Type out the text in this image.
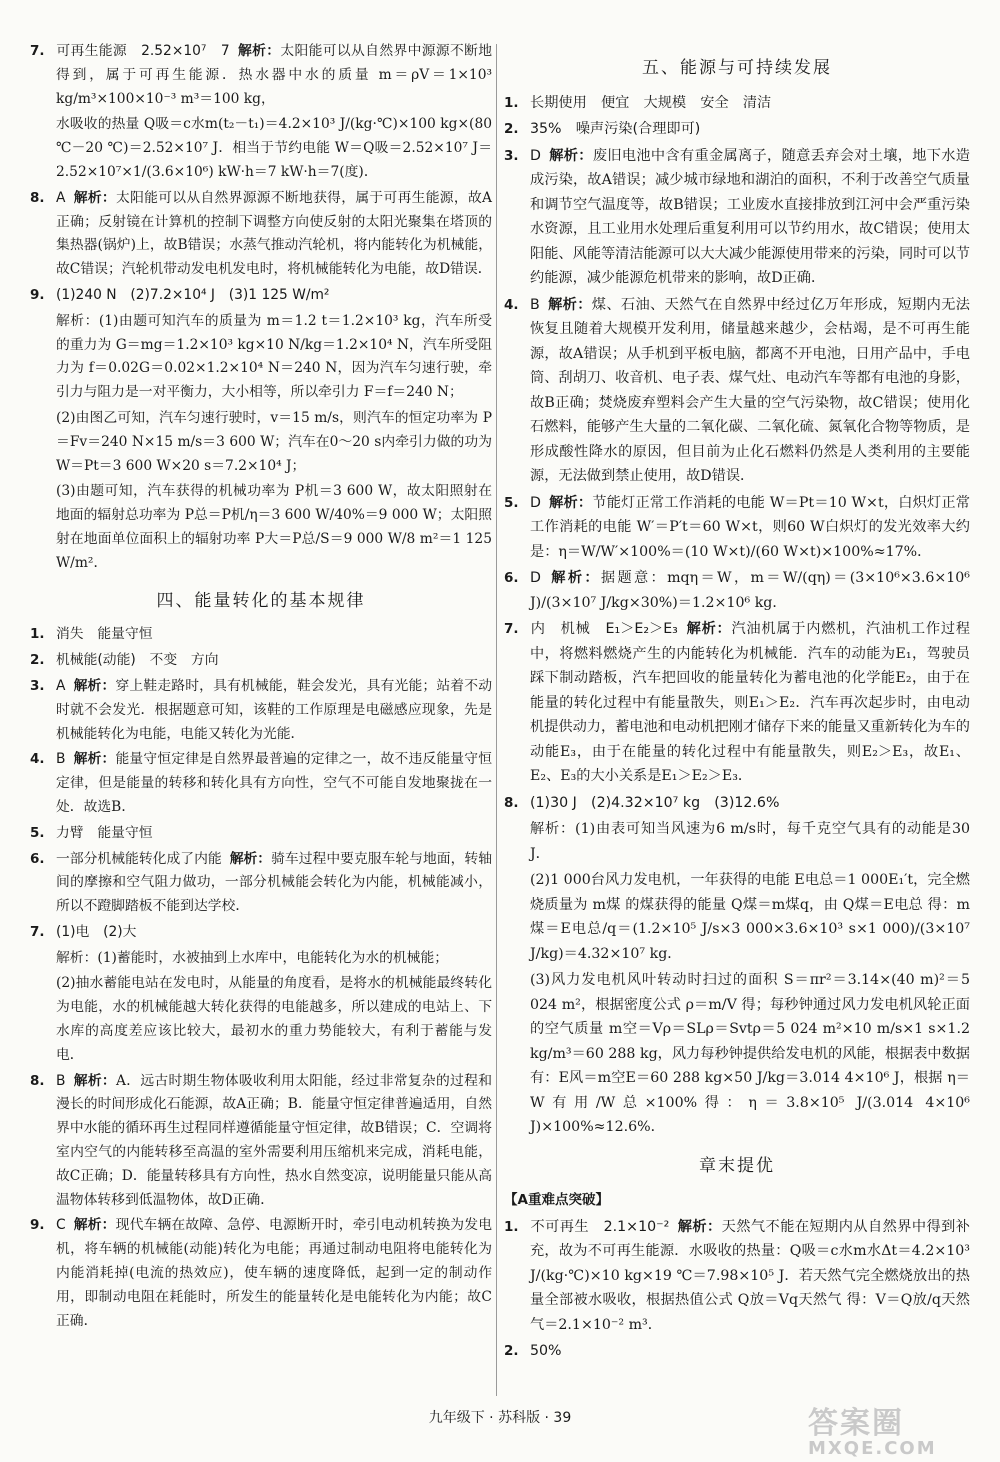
7. 可再生能源　2.52×10⁷　7 解析：太阳能可以从自然界中源源不断地得到，属于可再生能源．热水器中水的质量 m＝ρV＝1×10³ kg/m³×100×10⁻³ m³＝100 kg，
水吸收的热量 Q吸＝c水m(t₂－t₁)＝4.2×10³ J/(kg·℃)×100 kg×(80 ℃－20 ℃)＝2.52×10⁷ J．相当于节约电能 W＝Q吸＝2.52×10⁷ J＝2.52×10⁷×1/(3.6×10⁶) kW·h＝7 kW·h＝7(度)．
8. A 解析：太阳能可以从自然界源源不断地获得，属于可再生能源，故A正确；反射镜在计算机的控制下调整方向使反射的太阳光聚集在塔顶的集热器(锅炉)上，故B错误；水蒸气推动汽轮机，将内能转化为机械能，故C错误；汽轮机带动发电机发电时，将机械能转化为电能，故D错误．
9. (1)240 N　(2)7.2×10⁴ J　(3)1 125 W/m²
解析：(1)由题可知汽车的质量为 m＝1.2 t＝1.2×10³ kg，汽车所受的重力为 G＝mg＝1.2×10³ kg×10 N/kg＝1.2×10⁴ N，汽车所受阻力为 f＝0.02G＝0.02×1.2×10⁴ N＝240 N，因为汽车匀速行驶，牵引力与阻力是一对平衡力，大小相等，所以牵引力 F＝f＝240 N；
(2)由图乙可知，汽车匀速行驶时，v＝15 m/s，则汽车的恒定功率为 P＝Fv＝240 N×15 m/s＝3 600 W；汽车在0～20 s内牵引力做的功为 W＝Pt＝3 600 W×20 s＝7.2×10⁴ J；
(3)由题可知，汽车获得的机械功率为 P机＝3 600 W，故太阳照射在地面的辐射总功率为 P总＝P机/η＝3 600 W/40%＝9 000 W；太阳照射在地面单位面积上的辐射功率 P大＝P总/S＝9 000 W/8 m²＝1 125 W/m²．
四、能量转化的基本规律
1. 消失　能量守恒
2. 机械能(动能)　不变　方向
3. A 解析：穿上鞋走路时，具有机械能，鞋会发光，具有光能；站着不动时就不会发光．根据题意可知，该鞋的工作原理是电磁感应现象，先是机械能转化为电能，电能又转化为光能．
4. B 解析：能量守恒定律是自然界最普遍的定律之一，故不违反能量守恒定律，但是能量的转移和转化具有方向性，空气不可能自发地聚拢在一处．故选B．
5. 力臂　能量守恒
6. 一部分机械能转化成了内能 解析：骑车过程中要克服车轮与地面，转轴间的摩擦和空气阻力做功，一部分机械能会转化为内能，机械能减小，所以不蹬脚踏板不能到达学校．
7. (1)电　(2)大
解析：(1)蓄能时，水被抽到上水库中，电能转化为水的机械能；
(2)抽水蓄能电站在发电时，从能量的角度看，是将水的机械能最终转化为电能，水的机械能越大转化获得的电能越多，所以建成的电站上、下水库的高度差应该比较大，最初水的重力势能较大，有利于蓄能与发电．
8. B 解析：A．远古时期生物体吸收利用太阳能，经过非常复杂的过程和漫长的时间形成化石能源，故A正确；B．能量守恒定律普遍适用，自然界中水能的循环再生过程同样遵循能量守恒定律，故B错误；C．空调将室内空气的内能转移至高温的室外需要利用压缩机来完成，消耗电能，故C正确；D．能量转移具有方向性，热水自然变凉，说明能量只能从高温物体转移到低温物体，故D正确．
9. C 解析：现代车辆在故障、急停、电源断开时，牵引电动机转换为发电机，将车辆的机械能(动能)转化为电能；再通过制动电阻将电能转化为内能消耗掉(电流的热效应)，使车辆的速度降低，起到一定的制动作用，即制动电阻在耗能时，所发生的能量转化是电能转化为内能；故C正确．
五、能源与可持续发展
1. 长期使用　便宜　大规模　安全　清洁
2. 35%　噪声污染(合理即可)
3. D 解析：废旧电池中含有重金属离子，随意丢弃会对土壤，地下水造成污染，故A错误；减少城市绿地和湖泊的面积，不利于改善空气质量和调节空气温度等，故B错误；工业废水直接排放到江河中会严重污染水资源，且工业用水处理后重复利用可以节约用水，故C错误；使用太阳能、风能等清洁能源可以大大减少能源使用带来的污染，同时可以节约能源，减少能源危机带来的影响，故D正确．
4. B 解析：煤、石油、天然气在自然界中经过亿万年形成，短期内无法恢复且随着大规模开发利用，储量越来越少，会枯竭，是不可再生能源，故A错误；从手机到平板电脑，都离不开电池，日用产品中，手电筒、刮胡刀、收音机、电子表、煤气灶、电动汽车等都有电池的身影，故B正确；焚烧废弃塑料会产生大量的空气污染物，故C错误；使用化石燃料，能够产生大量的二氧化碳、二氧化硫、氮氧化合物等物质，是形成酸性降水的原因，但目前为止化石燃料仍然是人类利用的主要能源，无法做到禁止使用，故D错误．
5. D 解析：节能灯正常工作消耗的电能 W＝Pt＝10 W×t，白炽灯正常工作消耗的电能 W′＝P′t＝60 W×t，则60 W白炽灯的发光效率大约是：η＝W/W′×100%＝(10 W×t)/(60 W×t)×100%≈17%．
6. D 解析：据题意：mqη＝W，m＝W/(qη)＝(3×10⁶×3.6×10⁶ J)/(3×10⁷ J/kg×30%)＝1.2×10⁶ kg．
7. 内　机械　E₁＞E₂＞E₃ 解析：汽油机属于内燃机，汽油机工作过程中，将燃料燃烧产生的内能转化为机械能．汽车的动能为E₁，驾驶员踩下制动踏板，汽车把回收的能量转化为蓄电池的化学能E₂，由于在能量的转化过程中有能量散失，则E₁＞E₂．汽车再次起步时，由电动机提供动力，蓄电池和电动机把刚才储存下来的能量又重新转化为车的动能E₃，由于在能量的转化过程中有能量散失，则E₂＞E₃，故E₁、E₂、E₃的大小关系是E₁＞E₂＞E₃．
8. (1)30 J　(2)4.32×10⁷ kg　(3)12.6%
解析：(1)由表可知当风速为6 m/s时，每千克空气具有的动能是30 J．
(2)1 000台风力发电机，一年获得的电能 E电总＝1 000E₁′t，完全燃烧质量为 m煤 的煤获得的能量 Q煤＝m煤q，由 Q煤＝E电总 得：m煤＝E电总/q＝(1.2×10⁵ J/s×3 000×3.6×10³ s×1 000)/(3×10⁷ J/kg)＝4.32×10⁷ kg．
(3)风力发电机风叶转动时扫过的面积 S＝πr²＝3.14×(40 m)²＝5 024 m²，根据密度公式 ρ＝m/V 得；每秒钟通过风力发电机风轮正面的空气质量 m空＝Vρ＝SLρ＝Svtρ＝5 024 m²×10 m/s×1 s×1.2 kg/m³＝60 288 kg，风力每秒钟提供给发电机的风能，根据表中数据有：E风＝m空E＝60 288 kg×50 J/kg＝3.014 4×10⁶ J，根据 η＝W有用/W总×100%得：η＝3.8×10⁵ J/(3.014 4×10⁶ J)×100%≈12.6%．
章末提优
【A重难点突破】
1. 不可再生　2.1×10⁻² 解析：天然气不能在短期内从自然界中得到补充，故为不可再生能源．水吸收的热量：Q吸＝c水m水Δt＝4.2×10³ J/(kg·℃)×10 kg×19 ℃＝7.98×10⁵ J．若天然气完全燃烧放出的热量全部被水吸收，根据热值公式 Q放＝Vq天然气 得：V＝Q放/q天然气＝2.1×10⁻² m³．
2. 50%
九年级下 · 苏科版 · 39	答案圈
MXQE.COM
